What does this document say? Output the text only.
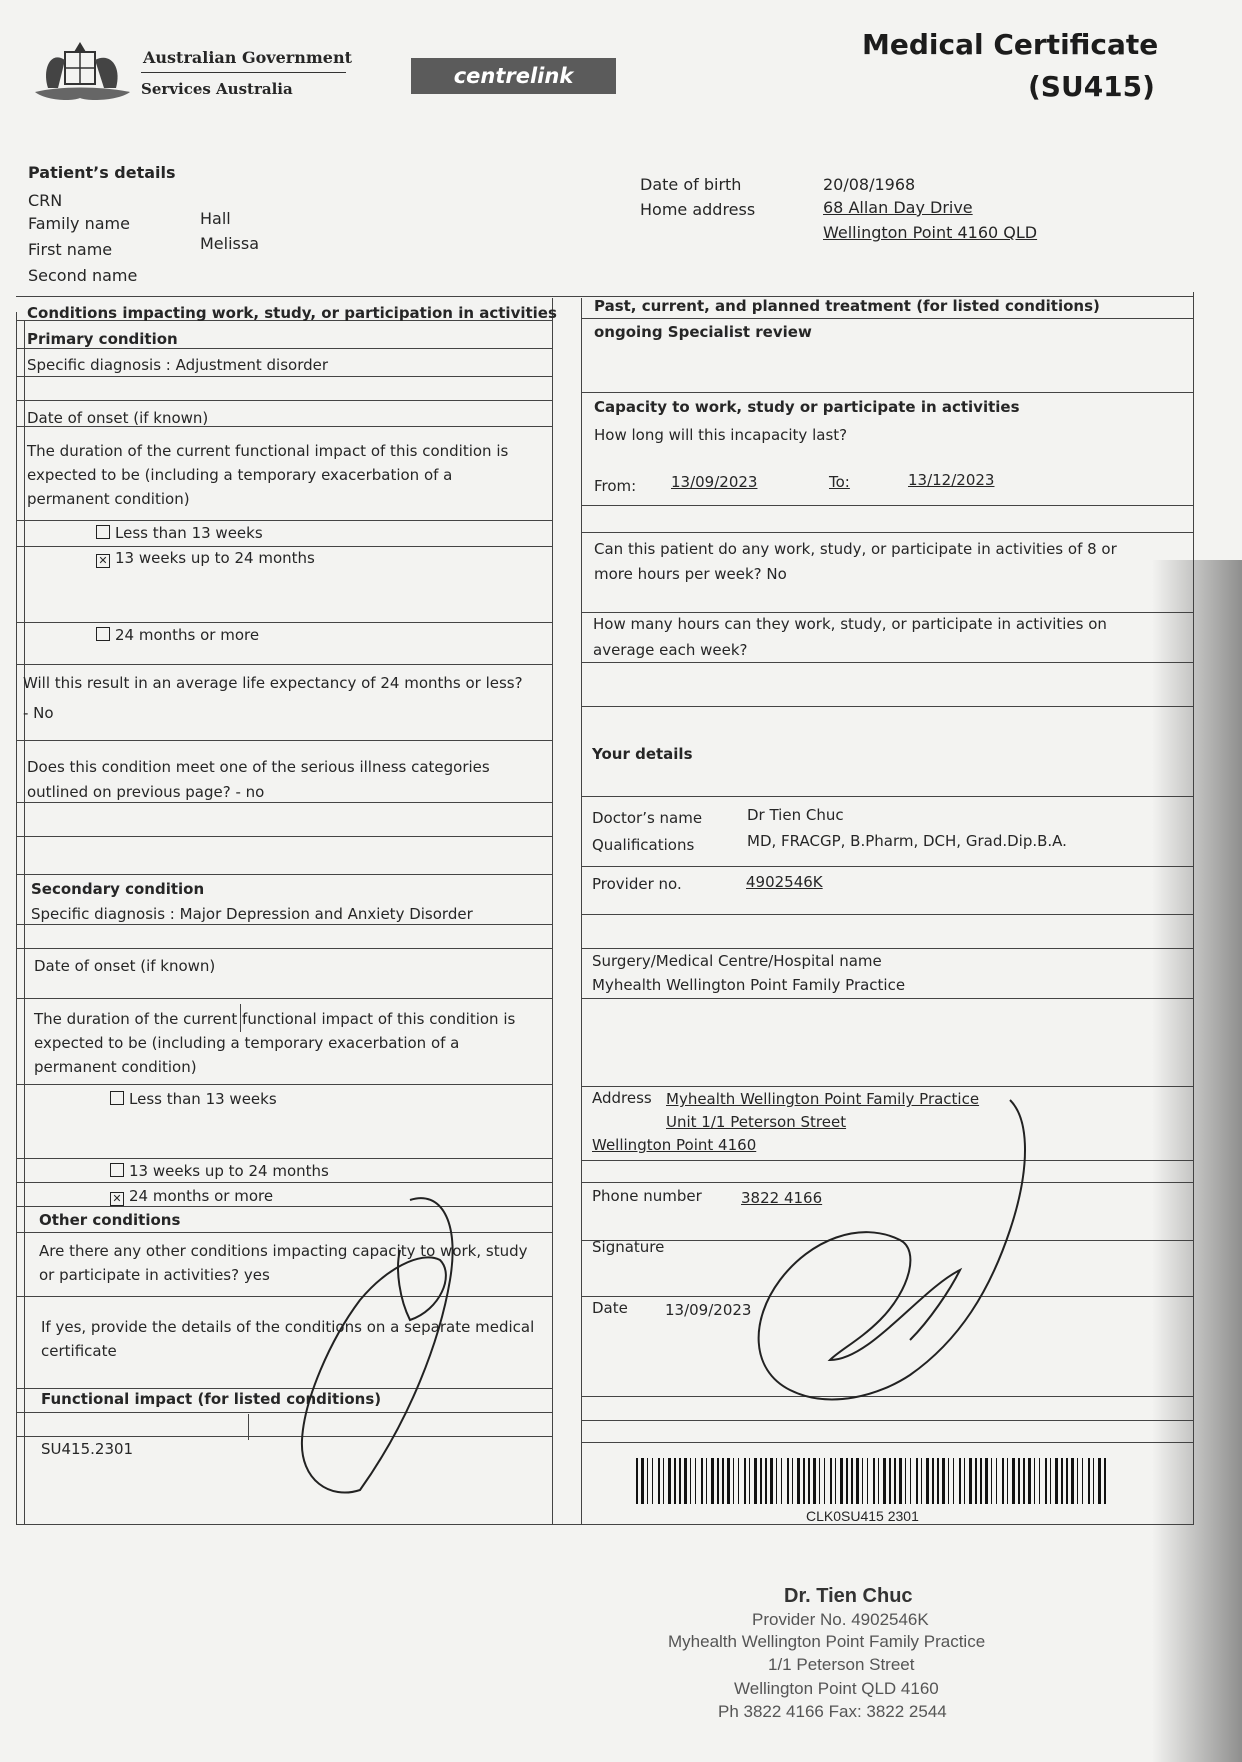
Australian Government
Services Australia
centrelink
Medical Certificate
(SU415)
Patient’s details
CRN
Family name	Hall
First name	Melissa
Second name
Date of birth	20/08/1968
Home address	68 Allan Day Drive
Wellington Point 4160 QLD
Conditions impacting work, study, or participation in activities
Primary condition
Specific diagnosis : Adjustment disorder
Date of onset (if known)
The duration of the current functional impact of this condition is
expected to be (including a temporary exacerbation of a
permanent condition)
Less than 13 weeks
✕ 13 weeks up to 24 months
24 months or more
Will this result in an average life expectancy of 24 months or less?
- No
Does this condition meet one of the serious illness categories
outlined on previous page? - no
Secondary condition
Specific diagnosis : Major Depression and Anxiety Disorder
Date of onset (if known)
The duration of the current functional impact of this condition is
expected to be (including a temporary exacerbation of a
permanent condition)
Less than 13 weeks
13 weeks up to 24 months
✕ 24 months or more
Other conditions
Are there any other conditions impacting capacity to work, study
or participate in activities? yes
If yes, provide the details of the conditions on a separate medical
certificate
Functional impact (for listed conditions)
SU415.2301
Past, current, and planned treatment (for listed conditions)
ongoing Specialist review
Capacity to work, study or participate in activities
How long will this incapacity last?
From: 13/09/2023	To:	13/12/2023
Can this patient do any work, study, or participate in activities of 8 or
more hours per week? No
How many hours can they work, study, or participate in activities on
average each week?
Your details
Doctor’s name	Dr Tien Chuc
Qualifications	MD, FRACGP, B.Pharm, DCH, Grad.Dip.B.A.
Provider no.	4902546K
Surgery/Medical Centre/Hospital name
Myhealth Wellington Point Family Practice
Address Myhealth Wellington Point Family Practice
Unit 1/1 Peterson Street
Wellington Point 4160
Phone number	3822 4166
Signature
Date 13/09/2023
CLK0SU415 2301
Dr. Tien Chuc
Provider No. 4902546K
Myhealth Wellington Point Family Practice
1/1 Peterson Street
Wellington Point QLD 4160
Ph 3822 4166 Fax: 3822 2544
